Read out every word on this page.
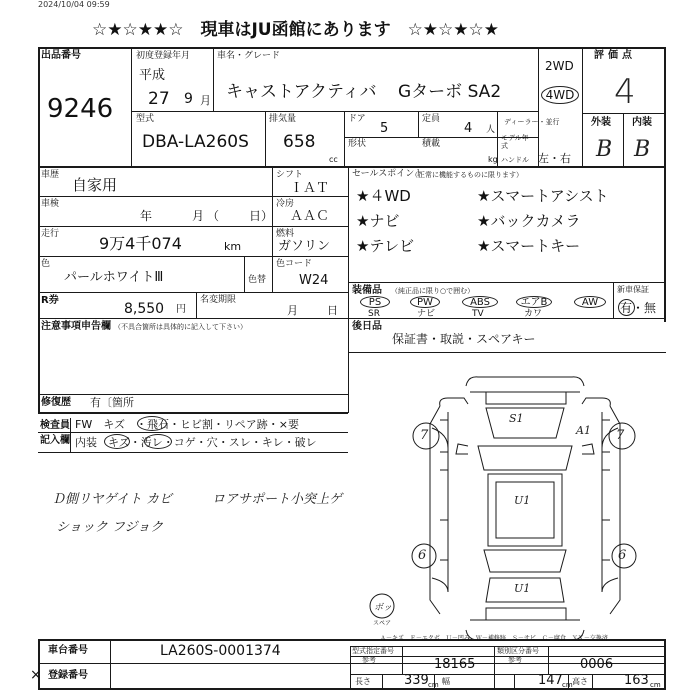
2024/10/04 09:59
☆★☆★★☆　現車はJU函館にあります　☆★☆★☆★
出品番号
9246
初度登録年月
平成
27 9 月
車名・グレード
キャストアクティバ Gターボ SA2
2WD
4WD
評価点
4
外装 内装
B B
型式
DBA-LA260S
排気量
658
cc
ドア
5
定員
4 人
ディーラー・並行
形状	積載
kg
モデル年式
ハンドル 左・右
車歴
自家用
シフト
ＩＡＴ
車検
年	月 （ 日）
冷房
ＡＡＣ
走行 9万4千074	km
燃料
ガソリン
色
パールホワイトⅢ	色替
色コード
W24
R券
8,550 円
名変期限
月	日
注意事項申告欄 （不具合箇所は具体的に記入して下さい）
修復歴 有〔箇所
検査員
記入欄
FW　キズ　・飛石・ヒビ割・リペア跡・×要
内装　キズ・汚レ・コゲ・穴・スレ・キレ・破レ
セールスポイント
（正常に機能するものに限ります）
★４WD	★スマートアシスト
★ナビ	★バックカメラ
★テレビ	★スマートキー
装備品 （純正品に限り○で囲む）
PS
SR
PW
ナビ
ABS
TV
エアB
カワ
AW
新車保証
有・無
後日品
保証書・取説・スペアキー
Ｄ側リヤゲイト カビ	ロアサポート小突上ゲ
ショック フジョク
S1
A1
U1
U1
7	7
6	6
ボッ
スペア
Ａ－キズ　Ｅ－エクボ　Ｕ－凹み　Ｗ－補修跡　Ｓ－サビ　Ｃ－腐食　ＸＸ－交換済
車台番号	LA260S-0001374
登録番号
型式指定番号
参考	18165
類別区分番号
参考	0006
長さ	339 cm 幅	147 cm 高さ	163 cm
×
